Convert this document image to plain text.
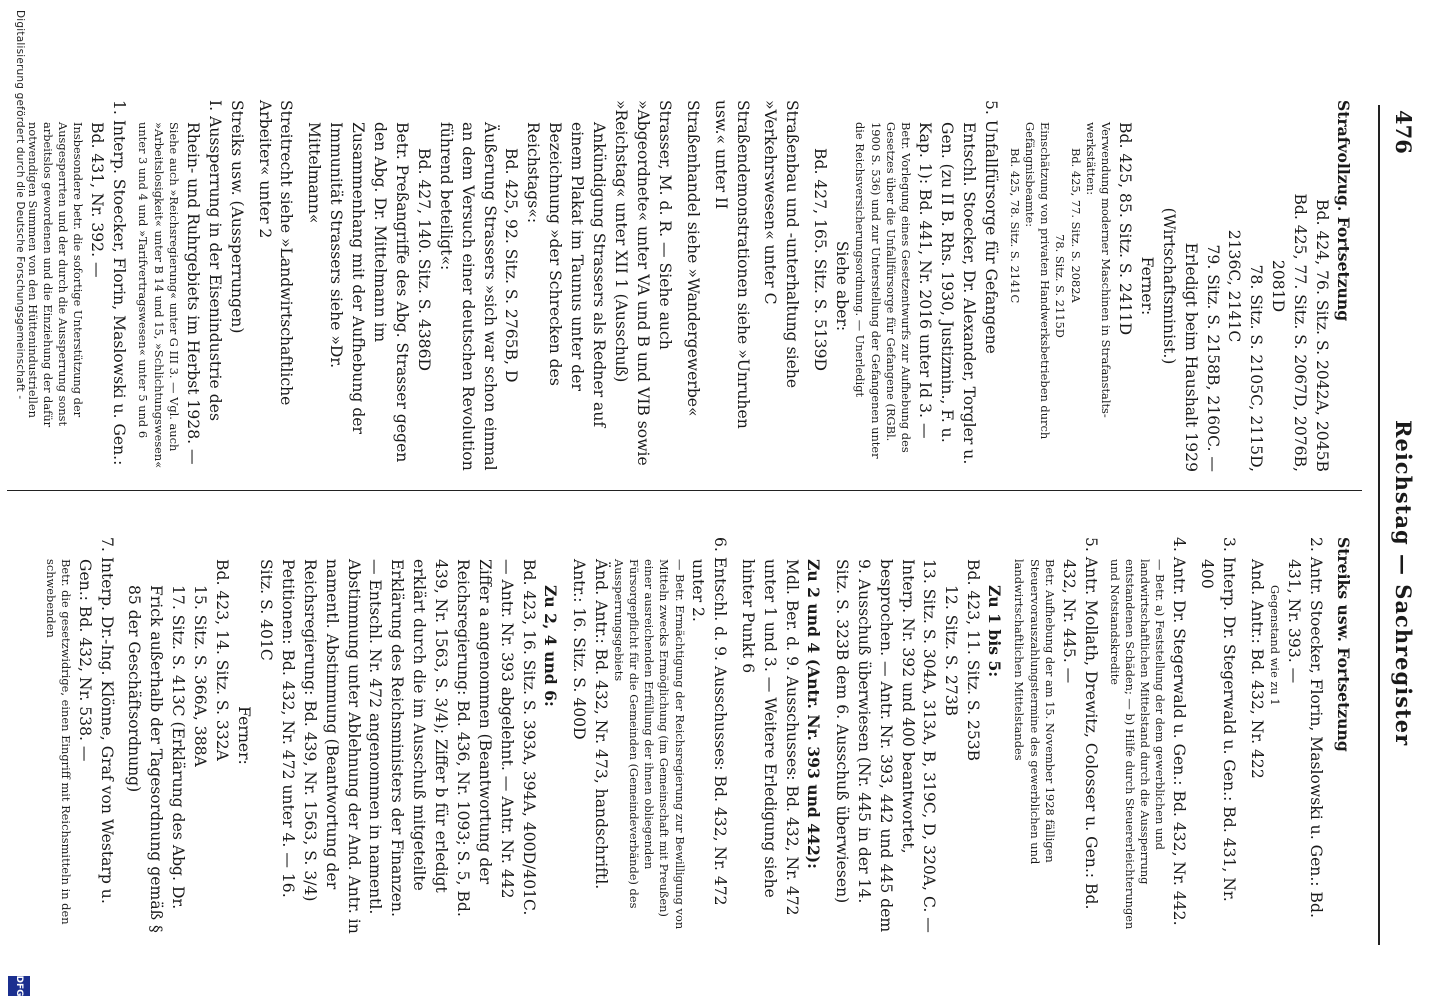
476
Reichstag — Sachregister
Strafvollzug. Fortsetzung
Bd. 424, 76. Sitz. S. 2042A, 2045B
Bd. 425, 77. Sitz. S. 2067D, 2076B,
2081D
78. Sitz. S. 2105C, 2115D,
2136C, 2141C
79. Sitz. S. 2158B, 2160C. —
Erledigt beim Haushalt 1929
(Wirtschaftsminist.)
Ferner:
Bd. 425, 85. Sitz. S. 2411D
Verwendung moderner Maschinen in Strafanstalts-werkstätten:
Bd. 425, 77. Sitz. S. 2082A
78. Sitz. S. 2115D
Einschätzung von privaten Handwerksbetrieben durch Gefängnisbeamte:
Bd. 425, 78. Sitz. S. 2141C
5. Unfallfürsorge für Gefangene
Entschl. Stoecker, Dr. Alexander, Torgler u. Gen. (zu II B. Rhs. 1930, Justizmin., F. u. Kap. 1): Bd. 441, Nr. 2016 unter Id 3. —
Betr. Vorlegung eines Gesetzentwurfs zur Aufhebung des Gesetzes über die Unfallfürsorge für Gefangene (RGBl. 1900 S. 536) und zur Unterstellung der Gefangenen unter die Reichsversicherungsordnung. — Unerledigt
Siehe aber:
Bd. 427, 165. Sitz. S. 5139D
Straßenbau und -unterhaltung siehe »Verkehrswesen« unter C
Straßendemonstrationen siehe »Unruhen usw.« unter II
Straßenhandel siehe »Wandergewerbe«
Strasser, M. d. R. — Siehe auch »Abgeordnete« unter VA und B und VIB sowie »Reichstag« unter XII 1 (Ausschuß)
Ankündigung Strassers als Redner auf einem Plakat im Taunus unter der Bezeichnung »der Schrecken des Reichstags«:
Bd. 425, 92. Sitz. S. 2765B, D
Äußerung Strassers »sich war schon einmal an dem Versuch einer deutschen Revolution führend beteiligt«:
Bd. 427, 140. Sitz. S. 4386D
Betr. Preßangriffe des Abg. Strasser gegen den Abg. Dr. Mittelmann im Zusammenhang mit der Aufhebung der Immunität Strassers siehe »Dr. Mittelmann«
Streitrecht siehe »Landwirtschaftliche Arbeiter« unter 2
Streiks usw. (Aussperrungen)
I. Aussperrung in der Eisenindustrie des Rhein- und Ruhrgebiets im Herbst 1928. —
Siehe auch »Reichsregierung« unter G III 3. — Vgl. auch »Arbeitslosigkeit« unter B 14 und 15, »Schlichtungswesen« unter 3 und 4 und »Tarifvertragswesen« unter 5 und 6
1. Interp. Stoecker, Florin, Maslowski u. Gen.: Bd. 431, Nr. 392. —
Insbesondere betr. die sofortige Unterstützung der Ausgesperrten und der durch die Aussperrung sonst arbeitslos gewordenen und die Einziehung der dafür notwendigen Summen von den Hüttenindustriellen
Streiks usw. Fortsetzung
2. Antr. Stoecker, Florin, Maslowski u. Gen.: Bd. 431, Nr. 393. —
Gegenstand wie zu 1
And. Antr.: Bd. 432, Nr. 422
3. Interp. Dr. Stegerwald u. Gen.: Bd. 431, Nr. 400
4. Antr. Dr. Stegerwald u. Gen.: Bd. 432, Nr. 442.
— Betr. a) Feststellung der dem gewerblichen und landwirtschaftlichen Mittelstand durch die Aussperrung entstandenen Schäden; — b) Hilfe durch Steuererleichterungen und Notstandskredite
5. Antr. Mollath, Drewitz, Colosser u. Gen.: Bd. 432, Nr. 445. —
Betr. Aufhebung der am 15. November 1928 fälligen Steuervorauszahlungstermine des gewerblichen und landwirtschaftlichen Mittelstandes
Zu 1 bis 5:
Bd. 423, 11. Sitz. S. 253B
12. Sitz. S. 273B
13. Sitz. S. 304A, 313A, B, 319C, D, 320A, C. — Interp. Nr. 392 und 400 beantwortet, besprochen. — Antr. Nr. 393, 442 und 445 dem 9. Ausschuß überwiesen (Nr. 445 in der 14. Sitz. S. 323B dem 6. Ausschuß überwiesen)
Zu 2 und 4 (Antr. Nr. 393 und 442):
Mdl. Ber. d. 9. Ausschusses: Bd. 432, Nr. 472 unter 1 und 3. — Weitere Erledigung siehe hinter Punkt 6
6. Entschl. d. 9. Ausschusses: Bd. 432, Nr. 472 unter 2.
— Betr. Ermächtigung der Reichsregierung zur Bewilligung von Mitteln zwecks Ermöglichung (im Gemeinschaft mit Preußen) einer ausreichenden Erfüllung der ihnen obliegenden Fürsorgepflicht für die Gemeinden (Gemeindeverbände) des Aussperrungsgebiets
Änd. Antr.: Bd. 432, Nr. 473, handschriftl. Antr.: 16. Sitz. S. 400D
Zu 2, 4 und 6:
Bd. 423, 16. Sitz. S. 393A, 394A, 400D/401C. — Antr. Nr. 393 abgelehnt. — Antr. Nr. 442 Ziffer a angenommen (Beantwortung der Reichsregierung: Bd. 436, Nr. 1093; S. 5, Bd. 439, Nr. 1563, S. 3/4); Ziffer b für erledigt erklärt durch die im Ausschuß mitgeteilte Erklärung des Reichsministers der Finanzen. — Entschl. Nr. 472 angenommen in namentl. Abstimmung unter Ablehnung der And. Antr. in namentl. Abstimmung (Beantwortung der Reichsregierung: Bd. 439, Nr. 1563, S. 3/4)
Petitionen: Bd. 432, Nr. 472 unter 4. — 16. Sitz. S. 401C
Ferner:
Bd. 423, 14. Sitz. S. 332A
15. Sitz. S. 366A, 388A
17. Sitz. S. 413C (Erklärung des Abg. Dr. Frick außerhalb der Tagesordnung gemäß § 85 der Geschäftsordnung)
7. Interp. Dr.-Ing. Klönne, Graf von Westarp u. Gen.: Bd. 432, Nr. 538. —
Betr. die gesetzwidrige, einen Eingriff mit Reichsmitteln in den schwebenden
Digitalisierung gefördert durch die Deutsche Forschungsgemeinschaft -
DFG
